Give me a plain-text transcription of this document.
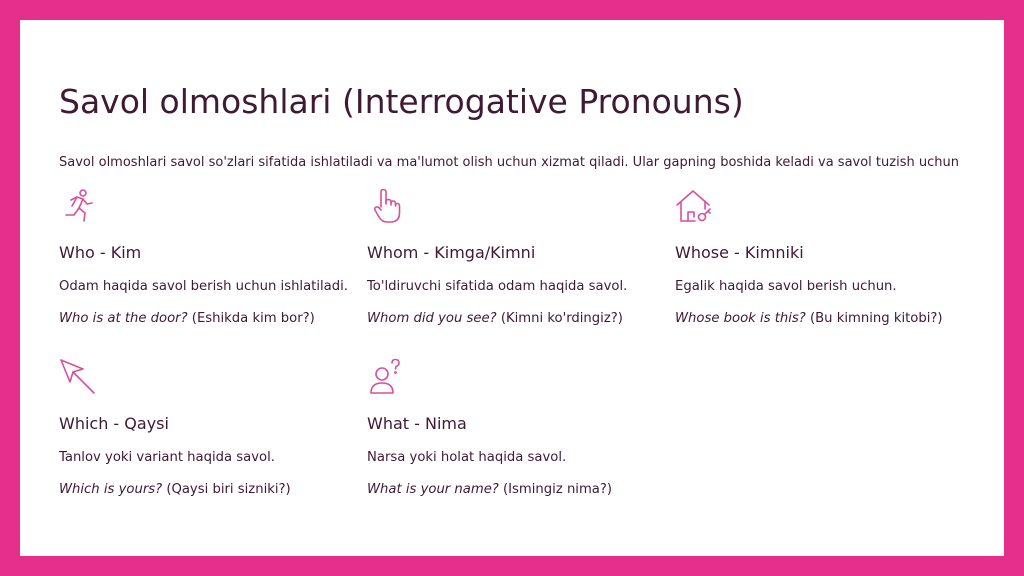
Savol olmoshlari (Interrogative Pronouns)

Savol olmoshlari savol so'zlari sifatida ishlatiladi va ma'lumot olish uchun xizmat qiladi. Ular gapning boshida keladi va savol tuzish uchun

Who - Kim

Odam haqida savol berish uchun ishlatiladi.

Who is at the door? (Eshikda kim bor?)

Whom - Kimga/Kimni

To'ldiruvchi sifatida odam haqida savol.

Whom did you see? (Kimni ko'rdingiz?)

Whose - Kimniki

Egalik haqida savol berish uchun.

Whose book is this? (Bu kimning kitobi?)

Which - Qaysi

Tanlov yoki variant haqida savol.

Which is yours? (Qaysi biri sizniki?)

What - Nima

Narsa yoki holat haqida savol.

What is your name? (Ismingiz nima?)
